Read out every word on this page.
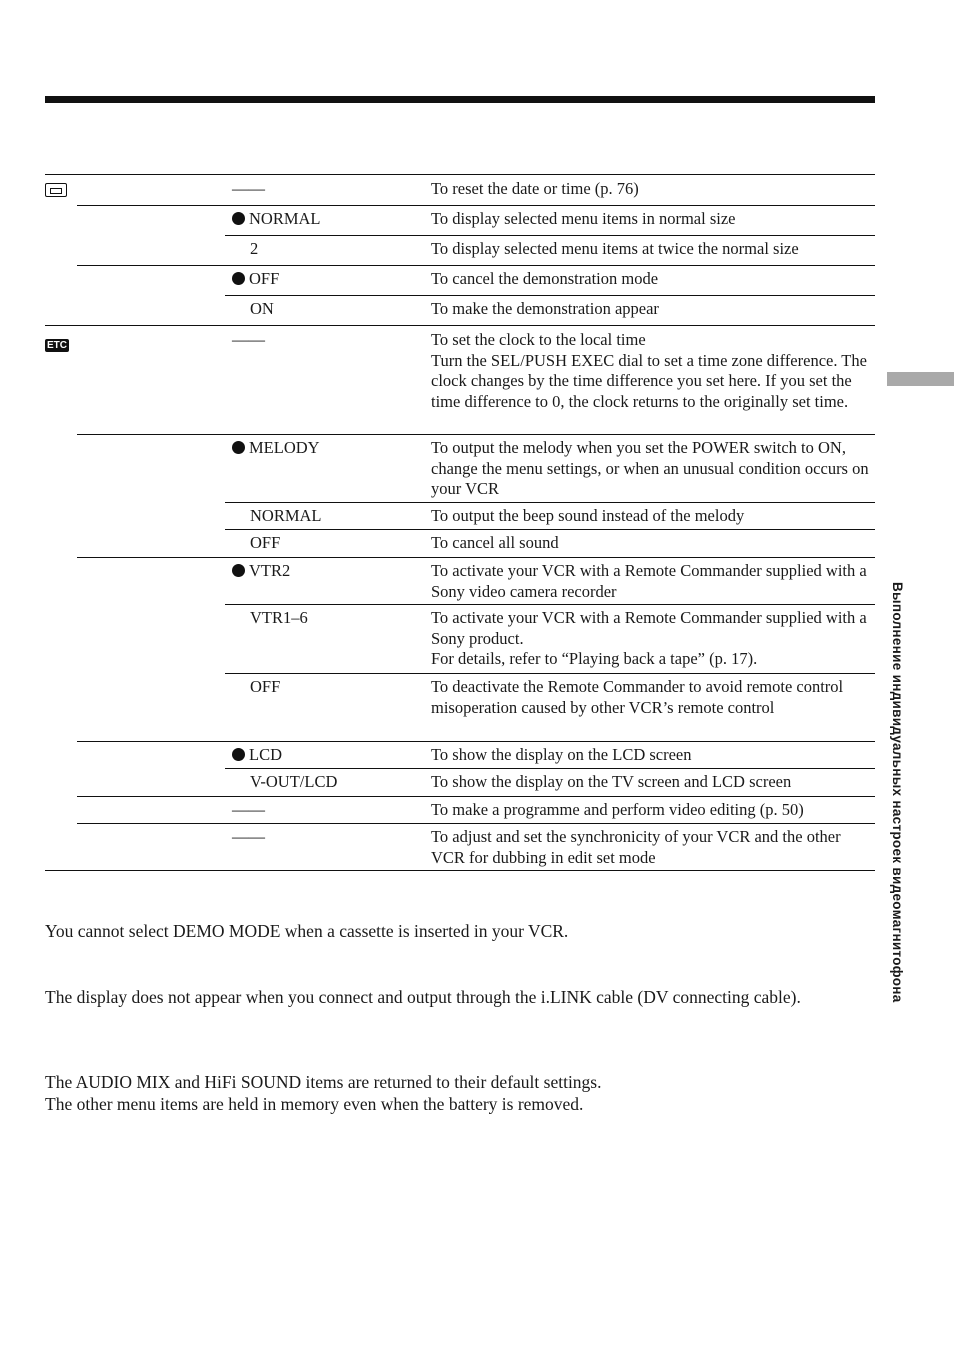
——	To reset the date or time (p. 76)
NORMAL	To display selected menu items in normal size
2	To display selected menu items at twice the normal size
OFF	To cancel the demonstration mode
ON	To make the demonstration appear
ETC	——	To set the clock to the local time
Turn the SEL/PUSH EXEC dial to set a time zone difference. The clock changes by the time difference you set here. If you set the time difference to 0, the clock returns to the originally set time.
MELODY	To output the melody when you set the POWER switch to ON, change the menu settings, or when an unusual condition occurs on your VCR
NORMAL	To output the beep sound instead of the melody
OFF	To cancel all sound
VTR2	To activate your VCR with a Remote Commander supplied with a Sony video camera recorder
VTR1–6	To activate your VCR with a Remote Commander supplied with a Sony product.
For details, refer to “Playing back a tape” (p. 17).
OFF	To deactivate the Remote Commander to avoid remote control misoperation caused by other VCR’s remote control
LCD	To show the display on the LCD screen
V-OUT/LCD	To show the display on the TV screen and LCD screen
——	To make a programme and perform video editing (p. 50)
——	To adjust and set the synchronicity of your VCR and the other VCR for dubbing in edit set mode
You cannot select DEMO MODE when a cassette is inserted in your VCR.
The display does not appear when you connect and output through the i.LINK cable (DV connecting cable).
The AUDIO MIX and HiFi SOUND items are returned to their default settings.
The other menu items are held in memory even when the battery is removed.
Выполнение индивидуальных настроек видеомагнитофона
